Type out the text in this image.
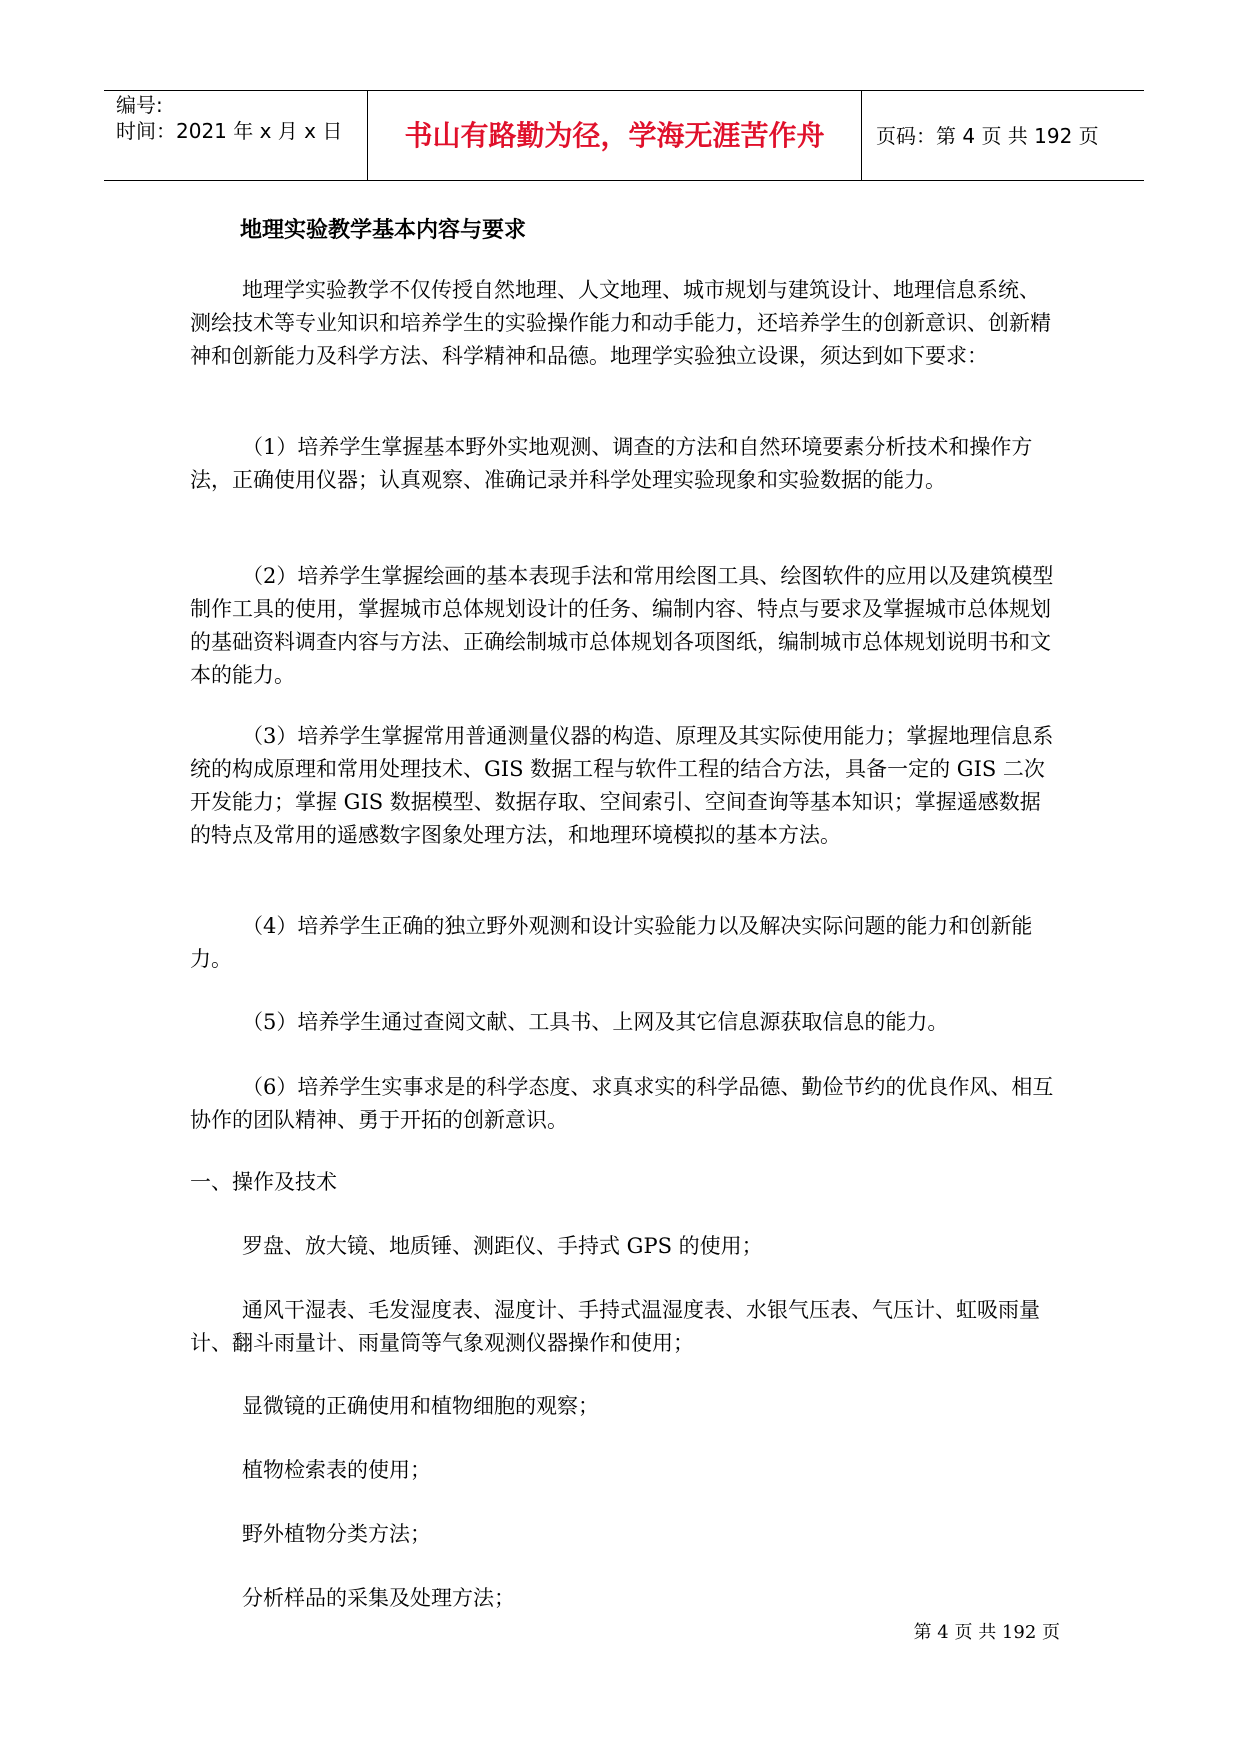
编号:
时间：2021 年 x 月 x 日	书山有路勤为径，学海无涯苦作舟	页码：第 4 页 共 192 页
地理实验教学基本内容与要求

地理学实验教学不仅传授自然地理、人文地理、城市规划与建筑设计、地理信息系统、测绘技术等专业知识和培养学生的实验操作能力和动手能力，还培养学生的创新意识、创新精神和创新能力及科学方法、科学精神和品德。地理学实验独立设课，须达到如下要求：

（1）培养学生掌握基本野外实地观测、调查的方法和自然环境要素分析技术和操作方法，正确使用仪器；认真观察、准确记录并科学处理实验现象和实验数据的能力。

（2）培养学生掌握绘画的基本表现手法和常用绘图工具、绘图软件的应用以及建筑模型制作工具的使用，掌握城市总体规划设计的任务、编制内容、特点与要求及掌握城市总体规划的基础资料调查内容与方法、正确绘制城市总体规划各项图纸，编制城市总体规划说明书和文本的能力。

（3）培养学生掌握常用普通测量仪器的构造、原理及其实际使用能力；掌握地理信息系统的构成原理和常用处理技术、GIS 数据工程与软件工程的结合方法，具备一定的 GIS 二次开发能力；掌握 GIS 数据模型、数据存取、空间索引、空间查询等基本知识；掌握遥感数据的特点及常用的遥感数字图象处理方法，和地理环境模拟的基本方法。

（4）培养学生正确的独立野外观测和设计实验能力以及解决实际问题的能力和创新能力。

（5）培养学生通过查阅文献、工具书、上网及其它信息源获取信息的能力。

（6）培养学生实事求是的科学态度、求真求实的科学品德、勤俭节约的优良作风、相互协作的团队精神、勇于开拓的创新意识。

一、操作及技术

罗盘、放大镜、地质锤、测距仪、手持式 GPS 的使用；

通风干湿表、毛发湿度表、湿度计、手持式温湿度表、水银气压表、气压计、虹吸雨量计、翻斗雨量计、雨量筒等气象观测仪器操作和使用；

显微镜的正确使用和植物细胞的观察；

植物检索表的使用；

野外植物分类方法；

分析样品的采集及处理方法；

第 4 页 共 192 页
